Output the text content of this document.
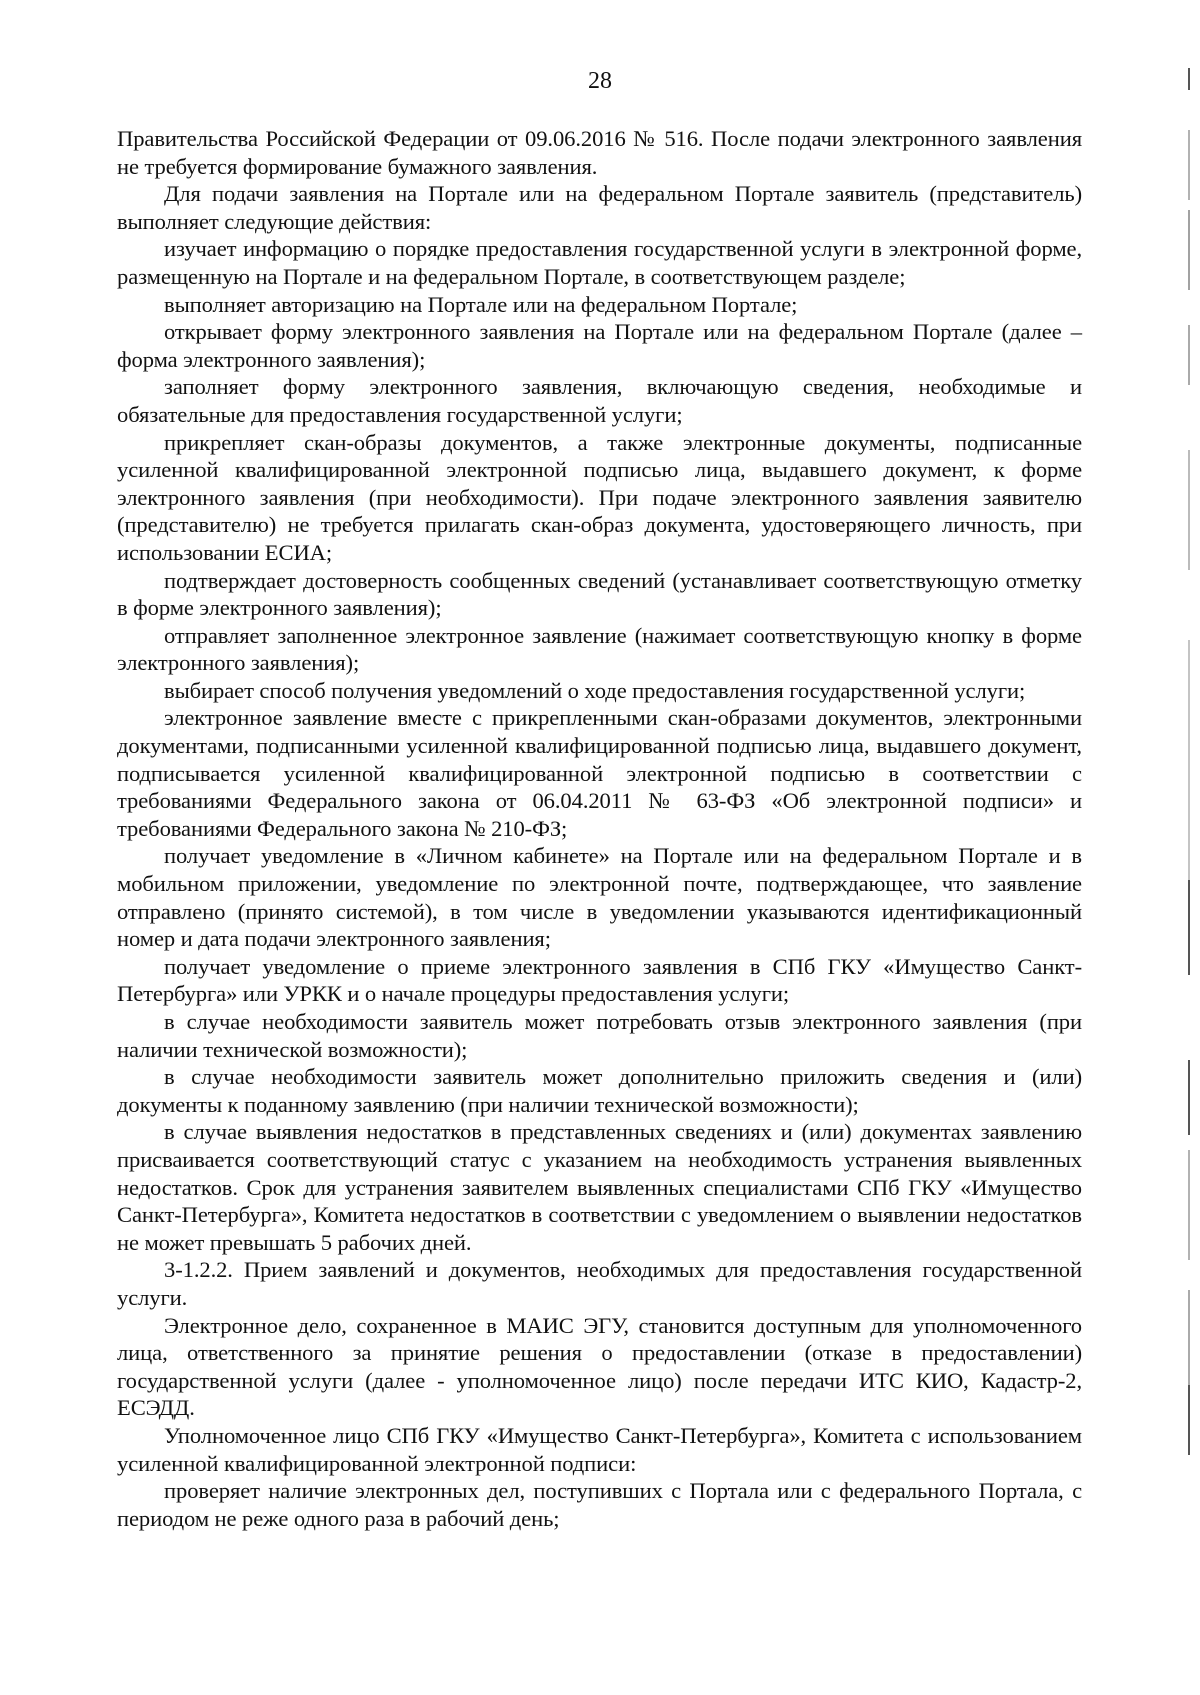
28

Правительства Российской Федерации от 09.06.2016 № 516. После подачи электронного заявления не требуется формирование бумажного заявления.

Для подачи заявления на Портале или на федеральном Портале заявитель (представитель) выполняет следующие действия:

изучает информацию о порядке предоставления государственной услуги в электронной форме, размещенную на Портале и на федеральном Портале, в соответствующем разделе;

выполняет авторизацию на Портале или на федеральном Портале;

открывает форму электронного заявления на Портале или на федеральном Портале (далее – форма электронного заявления);

заполняет форму электронного заявления, включающую сведения, необходимые и обязательные для предоставления государственной услуги;

прикрепляет скан-образы документов, а также электронные документы, подписанные усиленной квалифицированной электронной подписью лица, выдавшего документ, к форме электронного заявления (при необходимости). При подаче электронного заявления заявителю (представителю) не требуется прилагать скан-образ документа, удостоверяющего личность, при использовании ЕСИА;

подтверждает достоверность сообщенных сведений (устанавливает соответствующую отметку в форме электронного заявления);

отправляет заполненное электронное заявление (нажимает соответствующую кнопку в форме электронного заявления);

выбирает способ получения уведомлений о ходе предоставления государственной услуги;

электронное заявление вместе с прикрепленными скан-образами документов, электронными документами, подписанными усиленной квалифицированной подписью лица, выдавшего документ, подписывается усиленной квалифицированной электронной подписью в соответствии с требованиями Федерального закона от 06.04.2011 № 63-ФЗ «Об электронной подписи» и требованиями Федерального закона № 210-ФЗ;

получает уведомление в «Личном кабинете» на Портале или на федеральном Портале и в мобильном приложении, уведомление по электронной почте, подтверждающее, что заявление отправлено (принято системой), в том числе в уведомлении указываются идентификационный номер и дата подачи электронного заявления;

получает уведомление о приеме электронного заявления в СПб ГКУ «Имущество Санкт-Петербурга» или УРКК и о начале процедуры предоставления услуги;

в случае необходимости заявитель может потребовать отзыв электронного заявления (при наличии технической возможности);

в случае необходимости заявитель может дополнительно приложить сведения и (или) документы к поданному заявлению (при наличии технической возможности);

в случае выявления недостатков в представленных сведениях и (или) документах заявлению присваивается соответствующий статус с указанием на необходимость устранения выявленных недостатков. Срок для устранения заявителем выявленных специалистами СПб ГКУ «Имущество Санкт-Петербурга», Комитета недостатков в соответствии с уведомлением о выявлении недостатков не может превышать 5 рабочих дней.

3-1.2.2. Прием заявлений и документов, необходимых для предоставления государственной услуги.

Электронное дело, сохраненное в МАИС ЭГУ, становится доступным для уполномоченного лица, ответственного за принятие решения о предоставлении (отказе в предоставлении) государственной услуги (далее - уполномоченное лицо) после передачи ИТС КИО, Кадастр-2, ЕСЭДД.

Уполномоченное лицо СПб ГКУ «Имущество Санкт-Петербурга», Комитета с использованием усиленной квалифицированной электронной подписи:

проверяет наличие электронных дел, поступивших с Портала или с федерального Портала, с периодом не реже одного раза в рабочий день;
